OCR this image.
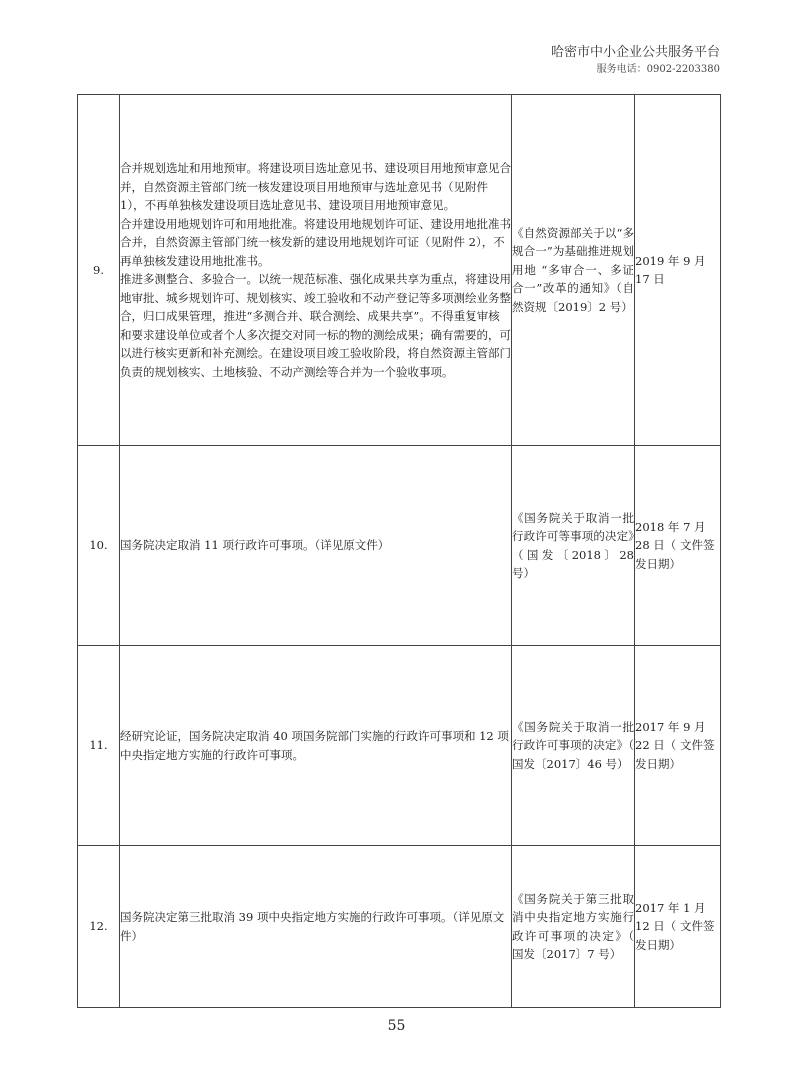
哈密市中小企业公共服务平台
服务电话：0902-2203380
9.	合并规划选址和用地预审。将建设项目选址意见书、建设项目用地预审意见合并，自然资源主管部门统一核发建设项目用地预审与选址意见书（见附件1），不再单独核发建设项目选址意见书、建设项目用地预审意见。
合并建设用地规划许可和用地批准。将建设用地规划许可证、建设用地批准书合并，自然资源主管部门统一核发新的建设用地规划许可证（见附件 2），不再单独核发建设用地批准书。
推进多测整合、多验合一。以统一规范标准、强化成果共享为重点，将建设用地审批、城乡规划许可、规划核实、竣工验收和不动产登记等多项测绘业务整合，归口成果管理，推进“多测合并、联合测绘、成果共享”。不得重复审核和要求建设单位或者个人多次提交对同一标的物的测绘成果；确有需要的，可以进行核实更新和补充测绘。在建设项目竣工验收阶段，将自然资源主管部门负责的规划核实、土地核验、不动产测绘等合并为一个验收事项。	《自然资源部关于以“多规合一”为基础推进规划用地 “多审合一、多证合一”改革的通知》（自然资规〔2019〕2 号）	2019 年 9 月 17 日
10.	国务院决定取消 11 项行政许可事项。（详见原文件）	《国务院关于取消一批行政许可等事项的决定》（国发〔2018〕28 号）	2018 年 7 月 28 日（ 文件签发日期）
11.	经研究论证，国务院决定取消 40 项国务院部门实施的行政许可事项和 12 项中央指定地方实施的行政许可事项。	《国务院关于取消一批行政许可事项的决定》（ 国发〔2017〕46 号）	2017 年 9 月 22 日（ 文件签发日期）
12.	国务院决定第三批取消 39 项中央指定地方实施的行政许可事项。（详见原文件）	《国务院关于第三批取消中央指定地方实施行政许可事项的决定》（ 国发〔2017〕7 号）	2017 年 1 月 12 日（ 文件签发日期）
55
